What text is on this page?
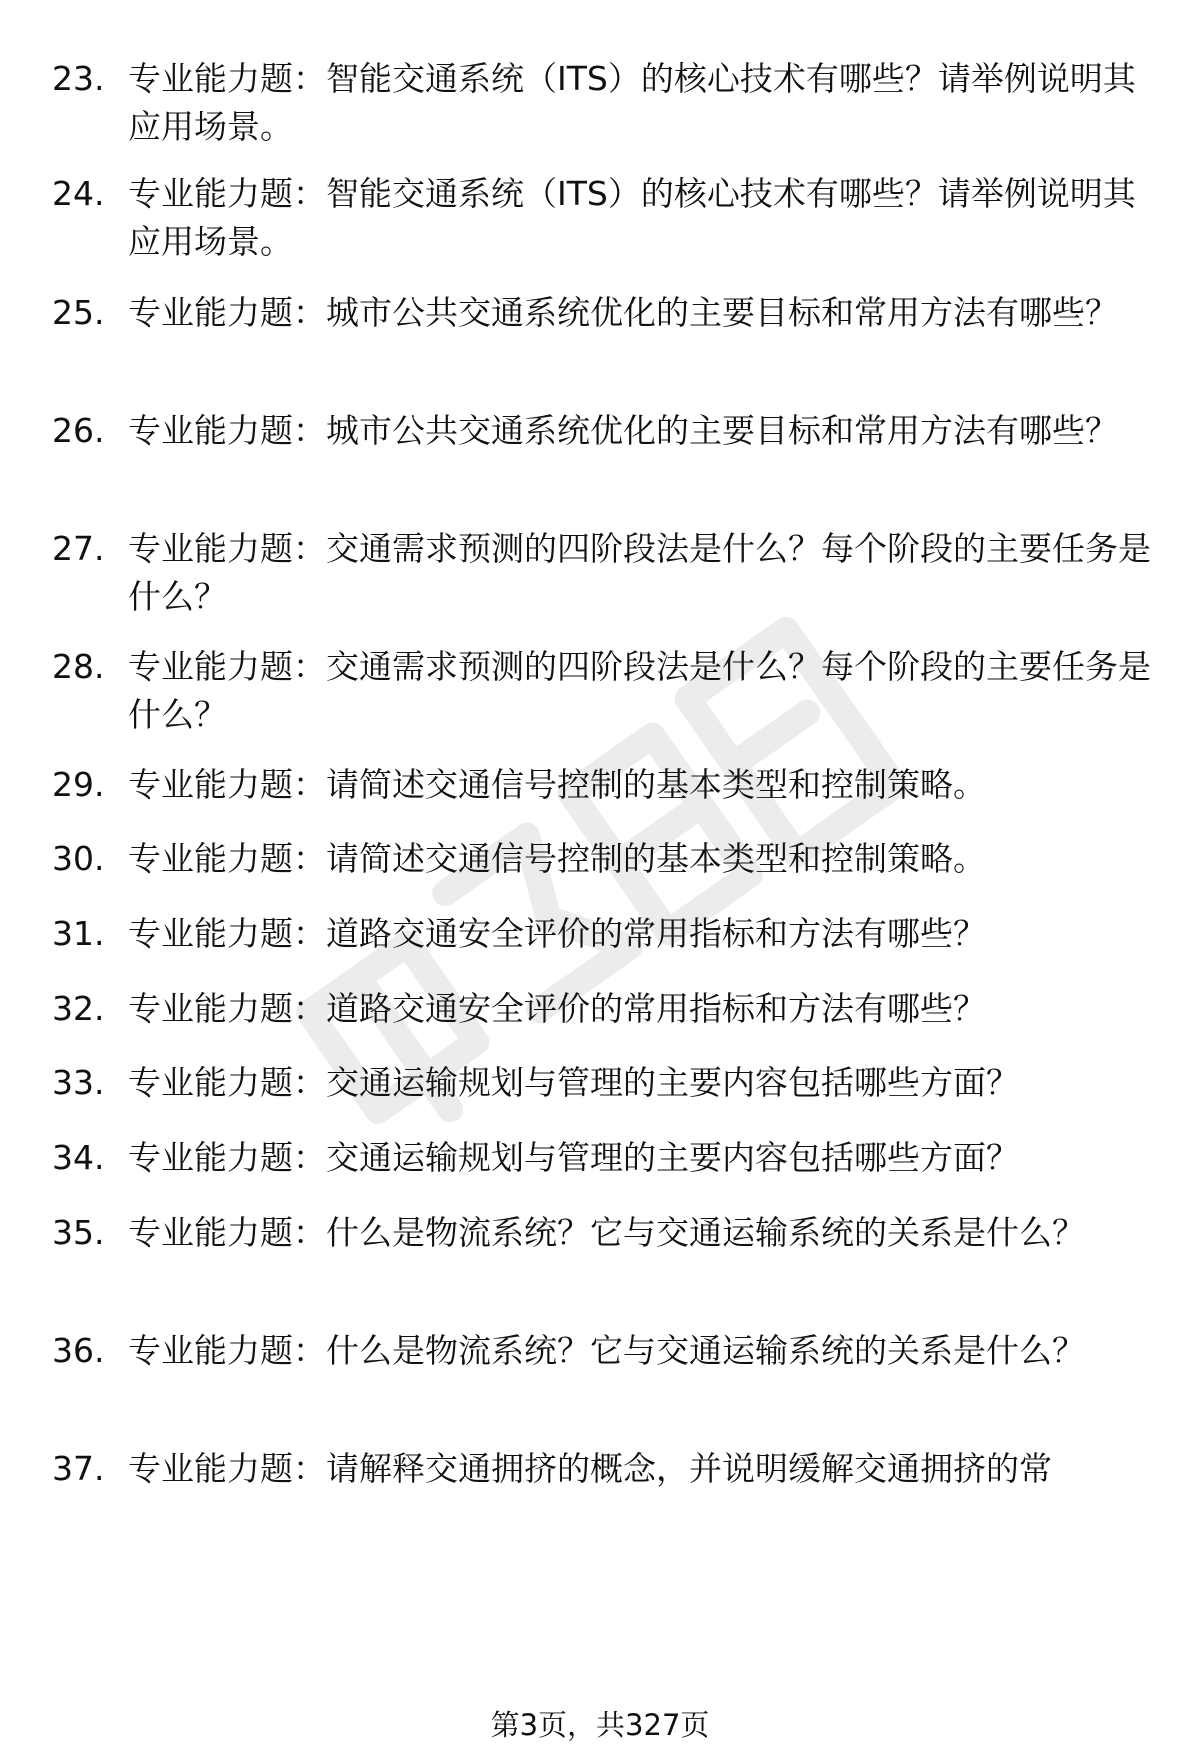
23. 专业能力题：智能交通系统（ITS）的核心技术有哪些？请举例说明其应用场景。
24. 专业能力题：智能交通系统（ITS）的核心技术有哪些？请举例说明其应用场景。
25. 专业能力题：城市公共交通系统优化的主要目标和常用方法有哪些？
26. 专业能力题：城市公共交通系统优化的主要目标和常用方法有哪些？
27. 专业能力题：交通需求预测的四阶段法是什么？每个阶段的主要任务是什么？
28. 专业能力题：交通需求预测的四阶段法是什么？每个阶段的主要任务是什么？
29. 专业能力题：请简述交通信号控制的基本类型和控制策略。
30. 专业能力题：请简述交通信号控制的基本类型和控制策略。
31. 专业能力题：道路交通安全评价的常用指标和方法有哪些？
32. 专业能力题：道路交通安全评价的常用指标和方法有哪些？
33. 专业能力题：交通运输规划与管理的主要内容包括哪些方面？
34. 专业能力题：交通运输规划与管理的主要内容包括哪些方面？
35. 专业能力题：什么是物流系统？它与交通运输系统的关系是什么？
36. 专业能力题：什么是物流系统？它与交通运输系统的关系是什么？
37. 专业能力题：请解释交通拥挤的概念，并说明缓解交通拥挤的常
第3页，共327页
